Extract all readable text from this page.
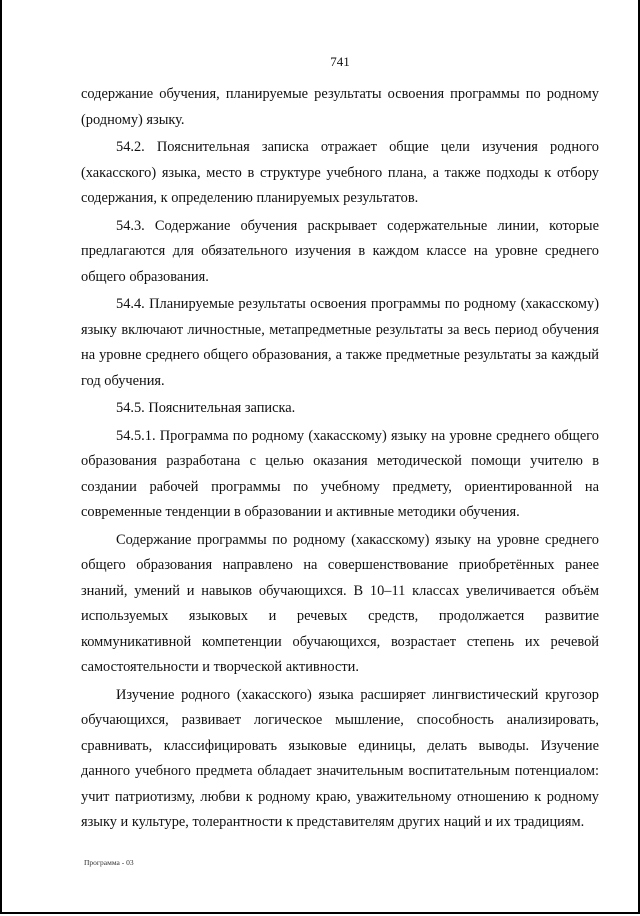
741

содержание обучения, планируемые результаты освоения программы по родному (родному) языку.

54.2. Пояснительная записка отражает общие цели изучения родного (хакасского) языка, место в структуре учебного плана, а также подходы к отбору содержания, к определению планируемых результатов.

54.3. Содержание обучения раскрывает содержательные линии, которые предлагаются для обязательного изучения в каждом классе на уровне среднего общего образования.

54.4. Планируемые результаты освоения программы по родному (хакасскому) языку включают личностные, метапредметные результаты за весь период обучения на уровне среднего общего образования, а также предметные результаты за каждый год обучения.

54.5. Пояснительная записка.

54.5.1. Программа по родному (хакасскому) языку на уровне среднего общего образования разработана с целью оказания методической помощи учителю в создании рабочей программы по учебному предмету, ориентированной на современные тенденции в образовании и активные методики обучения.

Содержание программы по родному (хакасскому) языку на уровне среднего общего образования направлено на совершенствование приобретённых ранее знаний, умений и навыков обучающихся. В 10–11 классах увеличивается объём используемых языковых и речевых средств, продолжается развитие коммуникативной компетенции обучающихся, возрастает степень их речевой самостоятельности и творческой активности.

Изучение родного (хакасского) языка расширяет лингвистический кругозор обучающихся, развивает логическое мышление, способность анализировать, сравнивать, классифицировать языковые единицы, делать выводы. Изучение данного учебного предмета обладает значительным воспитательным потенциалом: учит патриотизму, любви к родному краю, уважительному отношению к родному языку и культуре, толерантности к представителям других наций и их традициям.

Программа - 03
